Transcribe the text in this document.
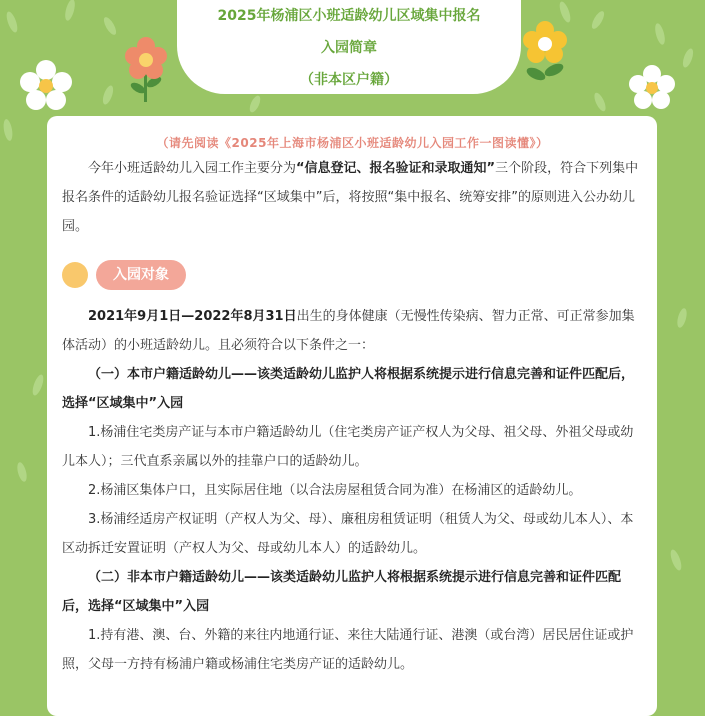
2025年杨浦区小班适龄幼儿区域集中报名
入园简章
（非本区户籍）
（请先阅读《2025年上海市杨浦区小班适龄幼儿入园工作一图读懂》）
今年小班适龄幼儿入园工作主要分为“信息登记、报名验证和录取通知”三个阶段，符合下列集中报名条件的适龄幼儿报名验证选择“区域集中”后，将按照“集中报名、统筹安排”的原则进入公办幼儿园。
入园对象

2021年9月1日—2022年8月31日出生的身体健康（无慢性传染病、智力正常、可正常参加集体活动）的小班适龄幼儿。且必须符合以下条件之一：

（一）本市户籍适龄幼儿——该类适龄幼儿监护人将根据系统提示进行信息完善和证件匹配后，选择“区域集中”入园

1.杨浦住宅类房产证与本市户籍适龄幼儿（住宅类房产证产权人为父母、祖父母、外祖父母或幼儿本人）；三代直系亲属以外的挂靠户口的适龄幼儿。

2.杨浦区集体户口，且实际居住地（以合法房屋租赁合同为准）在杨浦区的适龄幼儿。

3.杨浦经适房产权证明（产权人为父、母）、廉租房租赁证明（租赁人为父、母或幼儿本人）、本区动拆迁安置证明（产权人为父、母或幼儿本人）的适龄幼儿。

（二）非本市户籍适龄幼儿——该类适龄幼儿监护人将根据系统提示进行信息完善和证件匹配后，选择“区域集中”入园

1.持有港、澳、台、外籍的来往内地通行证、来往大陆通行证、港澳（或台湾）居民居住证或护照，父母一方持有杨浦户籍或杨浦住宅类房产证的适龄幼儿。
